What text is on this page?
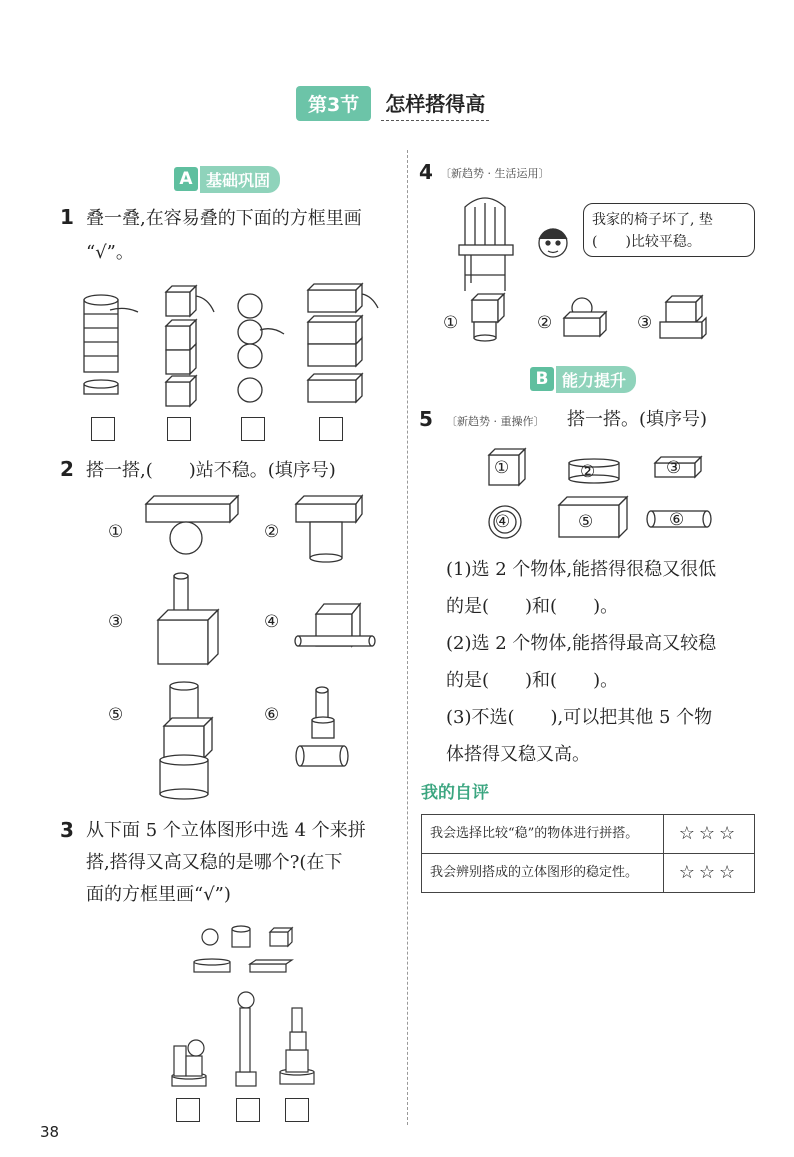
第3节	怎样搭得高
A 基础巩固
1 叠一叠,在容易叠的下面的方框里画
“√”。
2 搭一搭,(　　)站不稳。(填序号)
①	②
③	④
⑤	⑥
3 从下面 5 个立体图形中选 4 个来拼
搭,搭得又高又稳的是哪个?(在下
面的方框里画“√”)
38
4 〔新趋势 · 生活运用〕
我家的椅子坏了, 垫
(　　)比较平稳。
①	②	③
B 能力提升
5 〔新趋势 · 重操作〕 搭一搭。(填序号)
①	②	③
④	⑤	⑥
(1)选 2 个物体,能搭得很稳又很低
的是(　　)和(　　)。
(2)选 2 个物体,能搭得最高又较稳
的是(　　)和(　　)。
(3)不选(　　),可以把其他 5 个物
体搭得又稳又高。
我的自评
我会选择比较“稳”的物体进行拼搭。	☆☆☆
我会辨别搭成的立体图形的稳定性。	☆☆☆
